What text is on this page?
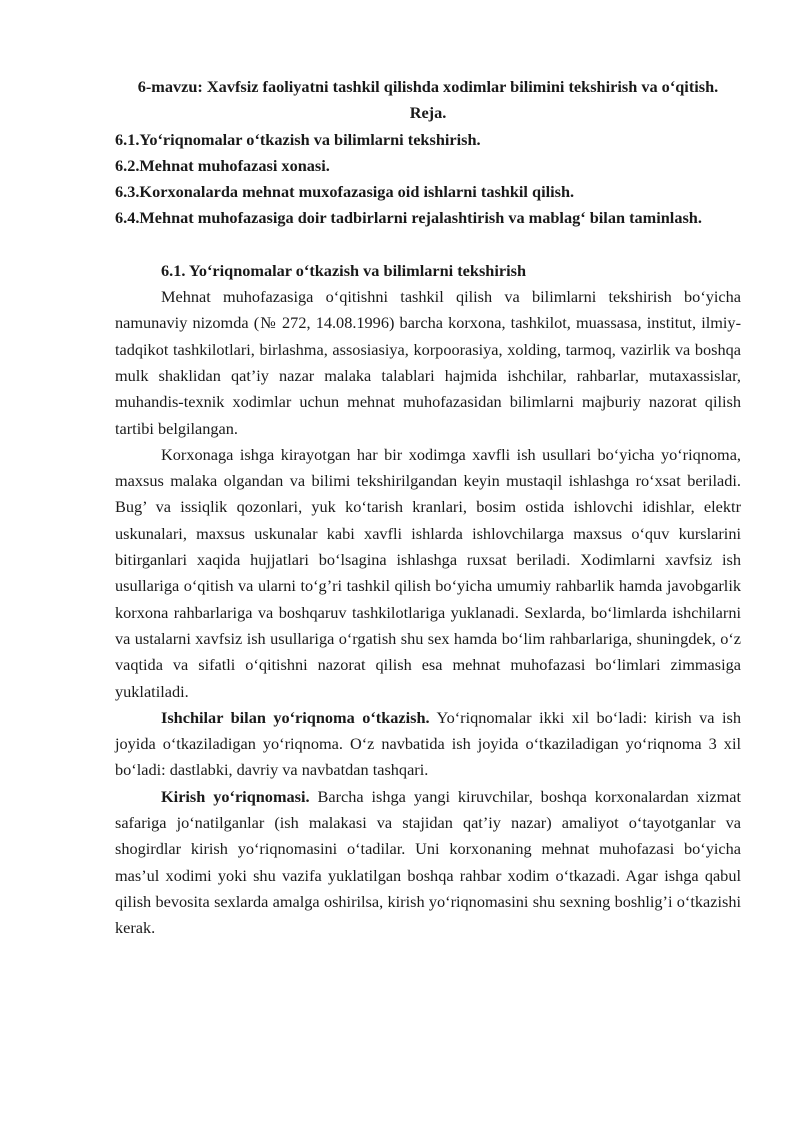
6-mavzu: Xavfsiz faoliyatni tashkil qilishda xodimlar bilimini tekshirish va o‘qitish.

Reja.

6.1.Yo‘riqnomalar o‘tkazish va bilimlarni tekshirish.

6.2.Mehnat muhofazasi xonasi.

6.3.Korxonalarda mehnat muxofazasiga oid ishlarni tashkil qilish.

6.4.Mehnat muhofazasiga doir tadbirlarni rejalashtirish va mablag‘ bilan taminlash.

6.1. Yo‘riqnomalar o‘tkazish va bilimlarni tekshirish

Mehnat muhofazasiga o‘qitishni tashkil qilish va bilimlarni tekshirish bo‘yicha namunaviy nizomda (№ 272, 14.08.1996) barcha korxona, tashkilot, muassasa, institut, ilmiy-tadqikot tashkilotlari, birlashma, assosiasiya, korpoorasiya, xolding, tarmoq, vazirlik va boshqa mulk shaklidan qat’iy nazar malaka talablari hajmida ishchilar, rahbarlar, mutaxassislar, muhandis-texnik xodimlar uchun mehnat muhofazasidan bilimlarni majburiy nazorat qilish tartibi belgilangan.

Korxonaga ishga kirayotgan har bir xodimga xavfli ish usullari bo‘yicha yo‘riqnoma, maxsus malaka olgandan va bilimi tekshirilgandan keyin mustaqil ishlashga ro‘xsat beriladi. Bug’ va issiqlik qozonlari, yuk ko‘tarish kranlari, bosim ostida ishlovchi idishlar, elektr uskunalari, maxsus uskunalar kabi xavfli ishlarda ishlovchilarga maxsus o‘quv kurslarini bitirganlari xaqida hujjatlari bo‘lsagina ishlashga ruxsat beriladi. Xodimlarni xavfsiz ish usullariga o‘qitish va ularni to‘g’ri tashkil qilish bo‘yicha umumiy rahbarlik hamda javobgarlik korxona rahbarlariga va boshqaruv tashkilotlariga yuklanadi. Sexlarda, bo‘limlarda ishchilarni va ustalarni xavfsiz ish usullariga o‘rgatish shu sex hamda bo‘lim rahbarlariga, shuningdek, o‘z vaqtida va sifatli o‘qitishni nazorat qilish esa mehnat muhofazasi bo‘limlari zimmasiga yuklatiladi.

Ishchilar bilan yo‘riqnoma o‘tkazish. Yo‘riqnomalar ikki xil bo‘ladi: kirish va ish joyida o‘tkaziladigan yo‘riqnoma. O‘z navbatida ish joyida o‘tkaziladigan yo‘riqnoma 3 xil bo‘ladi: dastlabki, davriy va navbatdan tashqari.

Kirish yo‘riqnomasi. Barcha ishga yangi kiruvchilar, boshqa korxonalardan xizmat safariga jo‘natilganlar (ish malakasi va stajidan qat’iy nazar) amaliyot o‘tayotganlar va shogirdlar kirish yo‘riqnomasini o‘tadilar. Uni korxonaning mehnat muhofazasi bo‘yicha mas’ul xodimi yoki shu vazifa yuklatilgan boshqa rahbar xodim o‘tkazadi. Agar ishga qabul qilish bevosita sexlarda amalga oshirilsa, kirish yo‘riqnomasini shu sexning boshlig’i o‘tkazishi kerak.
